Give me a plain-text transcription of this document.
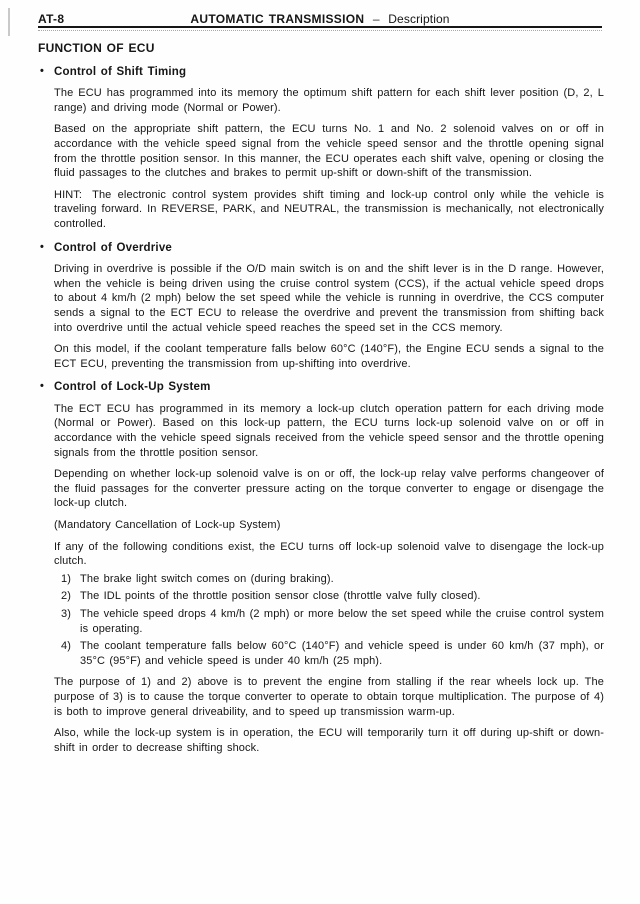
AT-8	AUTOMATIC TRANSMISSION – Description
FUNCTION OF ECU
• Control of Shift Timing

The ECU has programmed into its memory the optimum shift pattern for each shift lever position (D, 2, L range) and driving mode (Normal or Power).

Based on the appropriate shift pattern, the ECU turns No. 1 and No. 2 solenoid valves on or off in accordance with the vehicle speed signal from the vehicle speed sensor and the throttle opening signal from the throttle position sensor. In this manner, the ECU operates each shift valve, opening or closing the fluid passages to the clutches and brakes to permit up-shift or down-shift of the transmission.

HINT: The electronic control system provides shift timing and lock-up control only while the vehicle is traveling forward. In REVERSE, PARK, and NEUTRAL, the transmission is mechanically, not electronically controlled.

• Control of Overdrive

Driving in overdrive is possible if the O/D main switch is on and the shift lever is in the D range. However, when the vehicle is being driven using the cruise control system (CCS), if the actual vehicle speed drops to about 4 km/h (2 mph) below the set speed while the vehicle is running in overdrive, the CCS computer sends a signal to the ECT ECU to release the overdrive and prevent the transmission from shifting back into overdrive until the actual vehicle speed reaches the speed set in the CCS memory.

On this model, if the coolant temperature falls below 60°C (140°F), the Engine ECU sends a signal to the ECT ECU, preventing the transmission from up-shifting into overdrive.

• Control of Lock-Up System

The ECT ECU has programmed in its memory a lock-up clutch operation pattern for each driving mode (Normal or Power). Based on this lock-up pattern, the ECU turns lock-up solenoid valve on or off in accordance with the vehicle speed signals received from the vehicle speed sensor and the throttle opening signals from the throttle position sensor.

Depending on whether lock-up solenoid valve is on or off, the lock-up relay valve performs changeover of the fluid passages for the converter pressure acting on the torque converter to engage or disengage the lock-up clutch.

(Mandatory Cancellation of Lock-up System)

If any of the following conditions exist, the ECU turns off lock-up solenoid valve to disengage the lock-up clutch.

1) The brake light switch comes on (during braking).
2) The IDL points of the throttle position sensor close (throttle valve fully closed).
3) The vehicle speed drops 4 km/h (2 mph) or more below the set speed while the cruise control system is operating.
4) The coolant temperature falls below 60°C (140°F) and vehicle speed is under 60 km/h (37 mph), or 35°C (95°F) and vehicle speed is under 40 km/h (25 mph).

The purpose of 1) and 2) above is to prevent the engine from stalling if the rear wheels lock up. The purpose of 3) is to cause the torque converter to operate to obtain torque multiplication. The purpose of 4) is both to improve general driveability, and to speed up transmission warm-up.

Also, while the lock-up system is in operation, the ECU will temporarily turn it off during up-shift or down-shift in order to decrease shifting shock.
